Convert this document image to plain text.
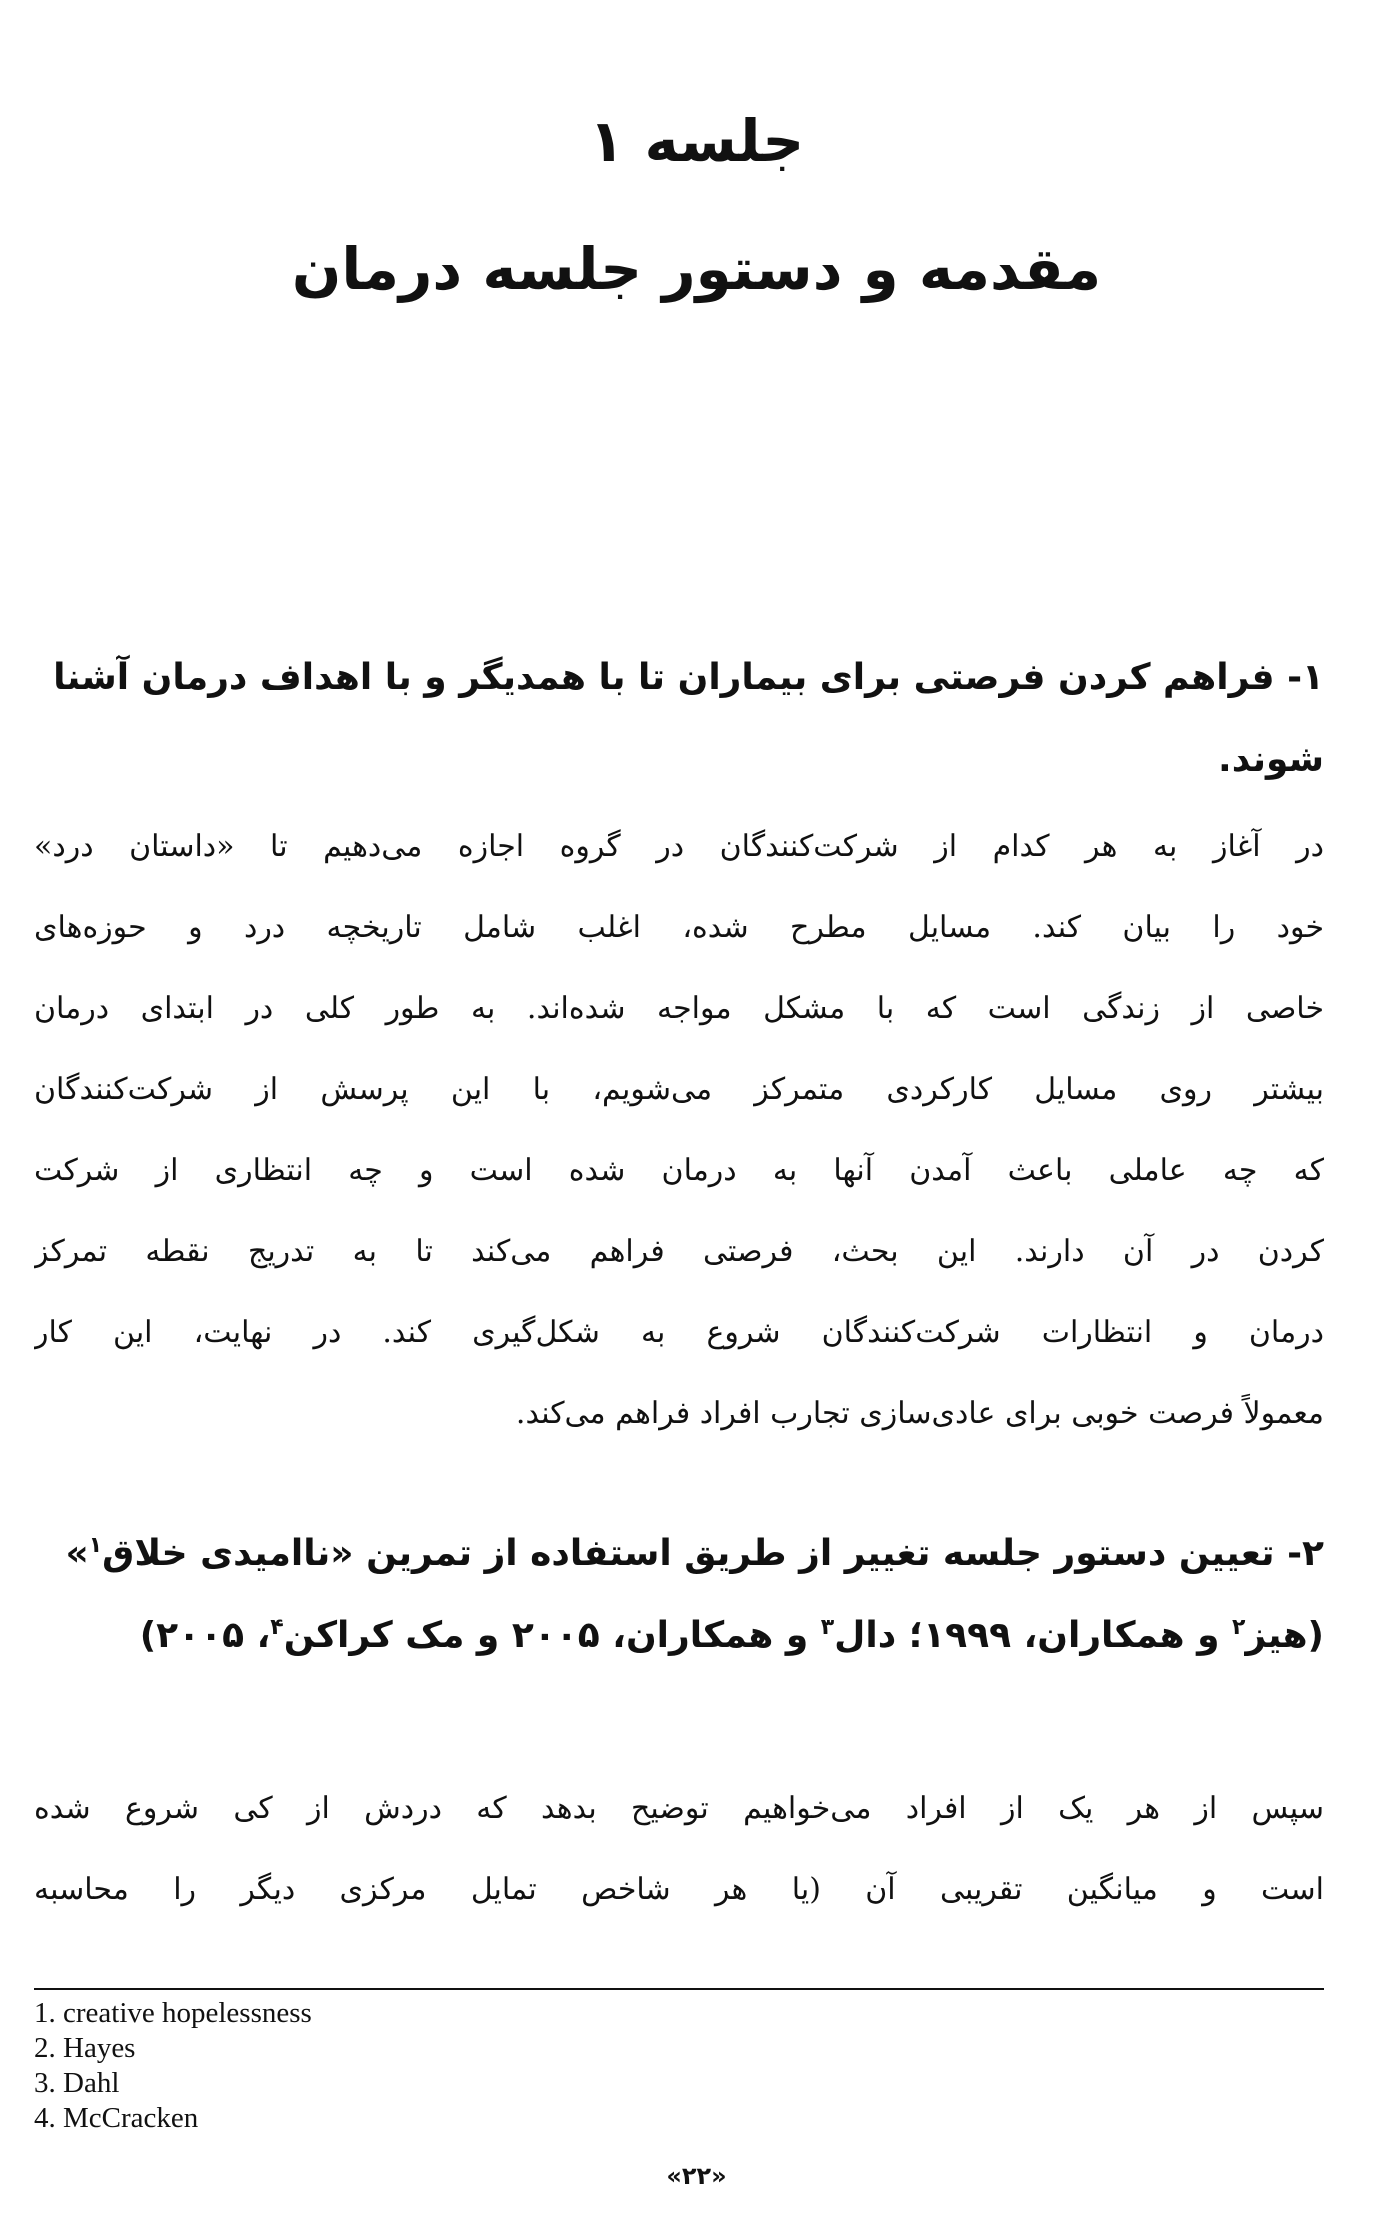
جلسه ۱
مقدمه و دستور جلسه درمان
۱- فراهم کردن فرصتی برای بیماران تا با همدیگر و با اهداف درمان آشنا شوند.
در آغاز به هر کدام از شرکت‌کنندگان در گروه اجازه می‌دهیم تا «داستان درد»
خود را بیان کند. مسایل مطرح شده، اغلب شامل تاریخچه درد و حوزه‌های
خاصی از زندگی است که با مشکل مواجه شده‌اند. به طور کلی در ابتدای درمان
بیشتر روی مسایل کارکردی متمرکز می‌شویم، با این پرسش از شرکت‌کنندگان
که چه عاملی باعث آمدن آنها به درمان شده است و چه انتظاری از شرکت
کردن در آن دارند. این بحث، فرصتی فراهم می‌کند تا به تدریج نقطه تمرکز
درمان و انتظارات شرکت‌کنندگان شروع به شکل‌گیری کند. در نهایت، این کار
معمولاً فرصت خوبی برای عادی‌سازی تجارب افراد فراهم می‌کند.
۲- تعیین دستور جلسه تغییر از طریق استفاده از تمرین «ناامیدی خلاق$^۱$» (هیز$^۲$ و همکاران، ۱۹۹۹؛ دال$^۳$ و همکاران، ۲۰۰۵ و مک کراکن$^۴$، ۲۰۰۵)
سپس از هر یک از افراد می‌خواهیم توضیح بدهد که دردش از کی شروع شده
است و میانگین تقریبی آن (یا هر شاخص تمایل مرکزی دیگر را محاسبه
1. creative hopelessness
2. Hayes
3. Dahl
4. McCracken
«۲۲»
